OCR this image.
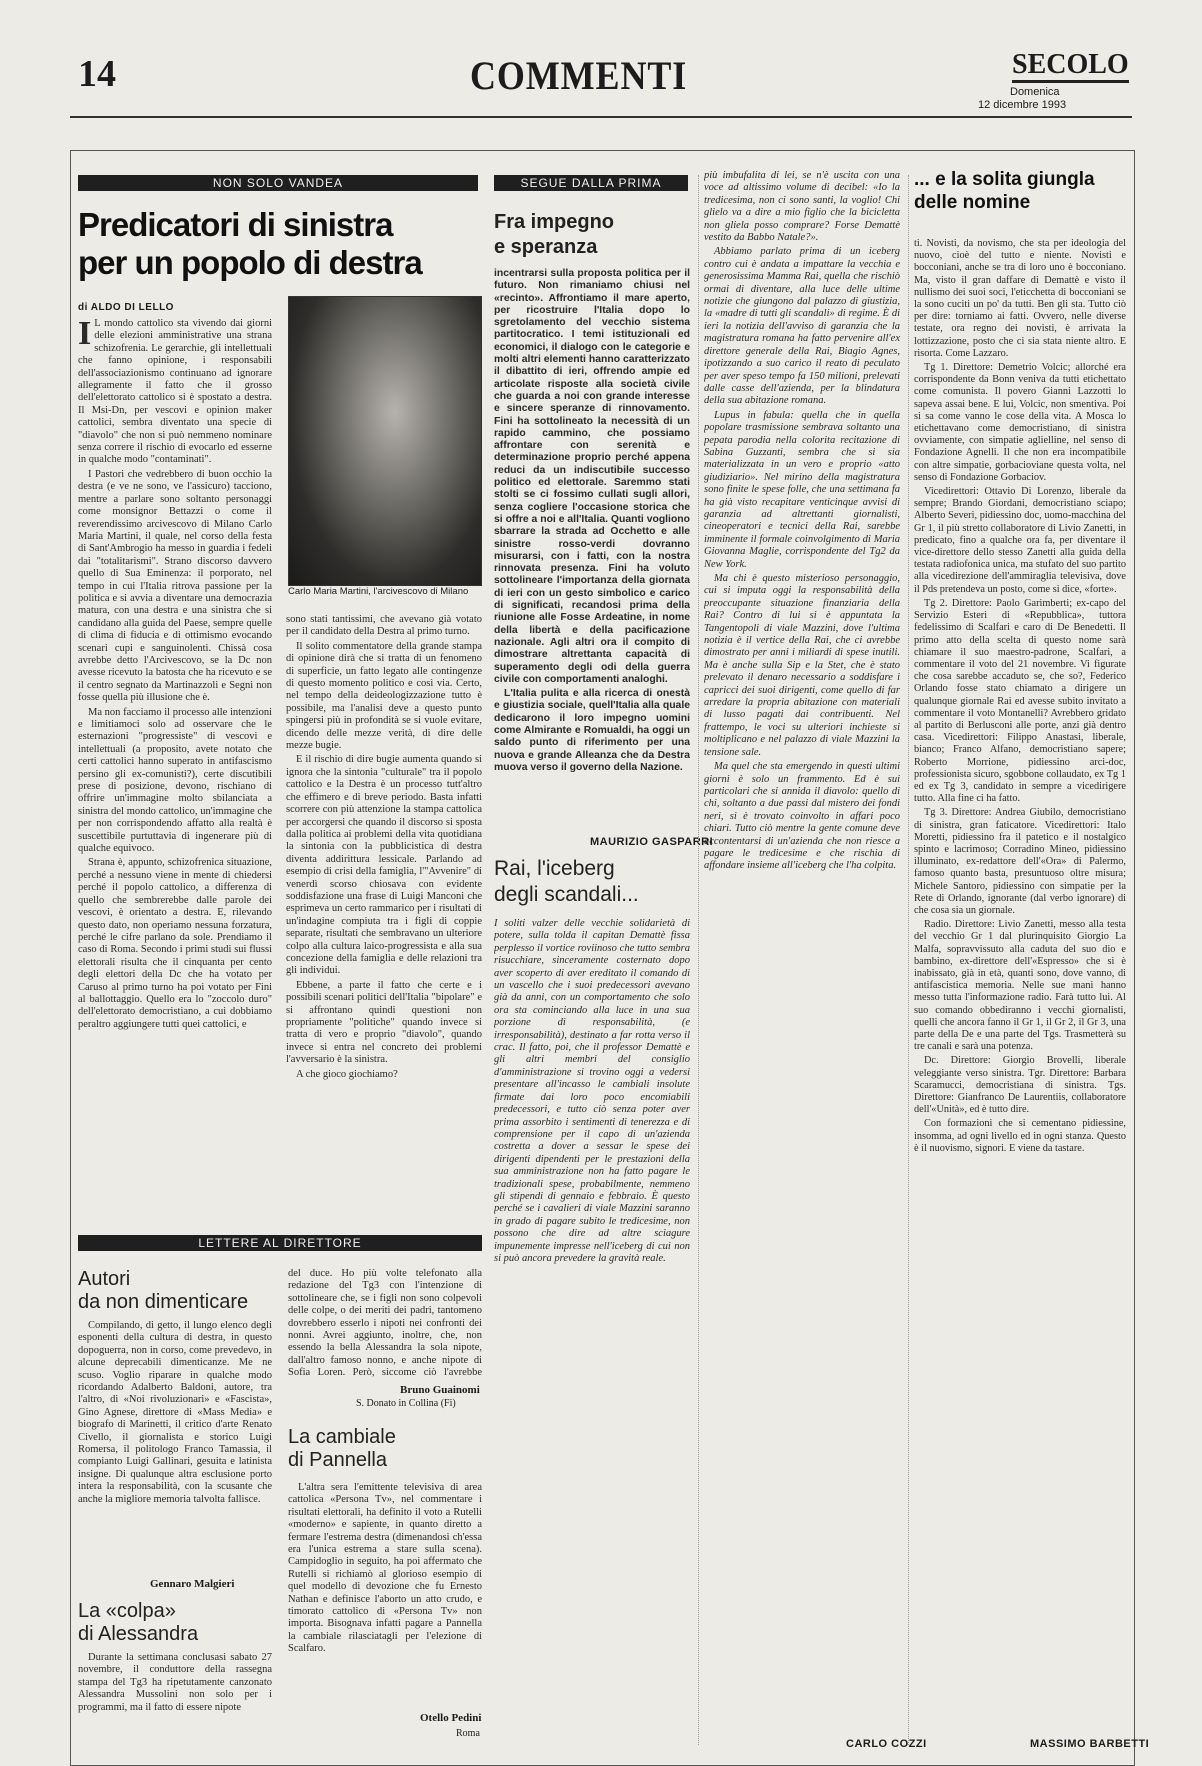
14	COMMENTI	SECOLO
Domenica
12 dicembre 1993
NON SOLO VANDEA
Predicatori di sinistra
per un popolo di destra
di ALDO DI LELLO

I L mondo cattolico sta vivendo dai giorni delle elezioni amministrative una strana schizofrenia. Le gerarchie, gli intellettuali che fanno opinione, i responsabili dell'associazionismo continuano ad ignorare allegramente il fatto che il grosso dell'elettorato cattolico si è spostato a destra. Il Msi-Dn, per vescovi e opinion maker cattolici, sembra diventato una specie di "diavolo" che non si può nemmeno nominare senza correre il rischio di evocarlo ed esserne in qualche modo "contaminati".

I Pastori che vedrebbero di buon occhio la destra (e ve ne sono, ve l'assicuro) tacciono, mentre a parlare sono soltanto personaggi come monsignor Bettazzi o come il reverendissimo arcivescovo di Milano Carlo Maria Martini, il quale, nel corso della festa di Sant'Ambrogio ha messo in guardia i fedeli dai "totalitarismi". Strano discorso davvero quello di Sua Eminenza: il porporato, nel tempo in cui l'Italia ritrova passione per la politica e si avvia a diventare una democrazia matura, con una destra e una sinistra che si candidano alla guida del Paese, sempre quelle di clima di fiducia e di ottimismo evocando scenari cupi e sanguinolenti. Chissà cosa avrebbe detto l'Arcivescovo, se la Dc non avesse ricevuto la batosta che ha ricevuto e se il centro segnato da Martinazzoli e Segni non fosse quella più illusione che è.

Ma non facciamo il processo alle intenzioni e limitiamoci solo ad osservare che le esternazioni "progressiste" di vescovi e intellettuali (a proposito, avete notato che certi cattolici hanno superato in antifascismo persino gli ex-comunisti?), certe discutibili prese di posizione, devono, rischiano di offrire un'immagine molto sbilanciata a sinistra del mondo cattolico, un'immagine che per non corrispondendo affatto alla realtà è suscettibile purtuttavia di ingenerare più di qualche equivoco.

Strana è, appunto, schizofrenica situazione, perché a nessuno viene in mente di chiedersi perché il popolo cattolico, a differenza di quello che sembrerebbe dalle parole dei vescovi, è orientato a destra. E, rilevando questo dato, non operiamo nessuna forzatura, perché le cifre parlano da sole. Prendiamo il caso di Roma. Secondo i primi studi sui flussi elettorali risulta che il cinquanta per cento degli elettori della Dc che ha votato per Caruso al primo turno ha poi votato per Fini al ballottaggio. Quello era lo "zoccolo duro" dell'elettorato democristiano, a cui dobbiamo peraltro aggiungere tutti quei cattolici, e

Carlo Maria Martini, l'arcivescovo di Milano

sono stati tantissimi, che avevano già votato per il candidato della Destra al primo turno.

Il solito commentatore della grande stampa di opinione dirà che si tratta di un fenomeno di superficie, un fatto legato alle contingenze di questo momento politico e così via. Certo, nel tempo della deideologizzazione tutto è possibile, ma l'analisi deve a questo punto spingersi più in profondità se si vuole evitare, dicendo delle mezze verità, di dire delle mezze bugie.

E il rischio di dire bugie aumenta quando si ignora che la sintonia "culturale" tra il popolo cattolico e la Destra è un processo tutt'altro che effimero e di breve periodo. Basta infatti scorrere con più attenzione la stampa cattolica per accorgersi che quando il discorso si sposta dalla politica ai problemi della vita quotidiana la sintonia con la pubblicistica di destra diventa addirittura lessicale. Parlando ad esempio di crisi della famiglia, l'"Avvenire" di venerdì scorso chiosava con evidente soddisfazione una frase di Luigi Manconi che esprimeva un certo rammarico per i risultati di un'indagine compiuta tra i figli di coppie separate, risultati che sembravano un ulteriore colpo alla cultura laico-progressista e alla sua concezione della famiglia e delle relazioni tra gli individui.

Ebbene, a parte il fatto che certe e i possibili scenari politici dell'Italia "bipolare" e si affrontano quindi questioni non propriamente "politiche" quando invece si tratta di vero e proprio "diavolo", quando invece si entra nel concreto dei problemi l'avversario è la sinistra.

A che gioco giochiamo?

LETTERE AL DIRETTORE
Autori
da non dimenticare

Compilando, di getto, il lungo elenco degli esponenti della cultura di destra, in questo dopoguerra, non in corso, come prevedevo, in alcune deprecabili dimenticanze. Me ne scuso. Voglio riparare in qualche modo ricordando Adalberto Baldoni, autore, tra l'altro, di «Noi rivoluzionari» e «Fascista», Gino Agnese, direttore di «Mass Media» e biografo di Marinetti, il critico d'arte Renato Civello, il giornalista e storico Luigi Romersa, il politologo Franco Tamassia, il compianto Luigi Gallinari, gesuita e latinista insigne. Di qualunque altra esclusione porto intera la responsabilità, con la scusante che anche la migliore memoria talvolta fallisce.

Gennaro Malgieri
La «colpa»
di Alessandra

Durante la settimana conclusasi sabato 27 novembre, il conduttore della rassegna stampa del Tg3 ha ripetutamente canzonato Alessandra Mussolini non solo per i programmi, ma il fatto di essere nipote

del duce. Ho più volte telefonato alla redazione del Tg3 con l'intenzione di sottolineare che, se i figli non sono colpevoli delle colpe, o dei meriti dei padri, tantomeno dovrebbero esserlo i nipoti nei confronti dei nonni. Avrei aggiunto, inoltre, che, non essendo la bella Alessandra la sola nipote, dall'altro famoso nonno, e anche nipote di Sofia Loren. Però, siccome ciò l'avrebbe

Bruno Guainomi
S. Donato in Collina (Fi)
La cambiale
di Pannella

L'altra sera l'emittente televisiva di area cattolica «Persona Tv», nel commentare i risultati elettorali, ha definito il voto a Rutelli «moderno» e sapiente, in quanto diretto a fermare l'estrema destra (dimenandosi ch'essa era l'unica estrema a stare sulla scena). Campidoglio in seguito, ha poi affermato che Rutelli si richiamò al glorioso esempio di quel modello di devozione che fu Ernesto Nathan e definisce l'aborto un atto crudo, e timorato cattolico di «Persona Tv» non importa. Bisognava infatti pagare a Pannella la cambiale rilasciatagli per l'elezione di Scalfaro.

Otello Pedini
Roma
SEGUE DALLA PRIMA
Fra impegno
e speranza

incentrarsi sulla proposta politica per il futuro. Non rimaniamo chiusi nel «recinto». Affrontiamo il mare aperto, per ricostruire l'Italia dopo lo sgretolamento del vecchio sistema partitocratico. I temi istituzionali ed economici, il dialogo con le categorie e molti altri elementi hanno caratterizzato il dibattito di ieri, offrendo ampie ed articolate risposte alla società civile che guarda a noi con grande interesse e sincere speranze di rinnovamento. Fini ha sottolineato la necessità di un rapido cammino, che possiamo affrontare con serenità e determinazione proprio perché appena reduci da un indiscutibile successo politico ed elettorale. Saremmo stati stolti se ci fossimo cullati sugli allori, senza cogliere l'occasione storica che si offre a noi e all'Italia. Quanti vogliono sbarrare la strada ad Occhetto e alle sinistre rosso-verdi dovranno misurarsi, con i fatti, con la nostra rinnovata presenza. Fini ha voluto sottolineare l'importanza della giornata di ieri con un gesto simbolico e carico di significati, recandosi prima della riunione alle Fosse Ardeatine, in nome della libertà e della pacificazione nazionale. Agli altri ora il compito di dimostrare altrettanta capacità di superamento degli odi della guerra civile con comportamenti analoghi.

L'Italia pulita e alla ricerca di onestà e giustizia sociale, quell'Italia alla quale dedicarono il loro impegno uomini come Almirante e Romualdi, ha oggi un saldo punto di riferimento per una nuova e grande Alleanza che da Destra muova verso il governo della Nazione.

MAURIZIO GASPARRI
Rai, l'iceberg
degli scandali...

I soliti valzer delle vecchie solidarietà di potere, sulla tolda il capitan Demattè fissa perplesso il vortice roviinoso che tutto sembra risucchiare, sinceramente costernato dopo aver scoperto di aver ereditato il comando di un vascello che i suoi predecessori avevano già da anni, con un comportamento che solo ora sta cominciando alla luce in una sua porzione di responsabilità, (e irresponsabilità), destinato a far rotta verso il crac. Il fatto, poi, che il professor Demattè e gli altri membri del consiglio d'amministrazione si trovino oggi a vedersi presentare all'incasso le cambiali insolute firmate dai loro poco encomiabili predecessori, e tutto ciò senza poter aver prima assorbito i sentimenti di tenerezza e di comprensione per il capo di un'azienda costretta a dover a sessar le spese dei dirigenti dipendenti per le prestazioni della sua amministrazione non ha fatto pagare le tradizionali spese, probabilmente, nemmeno gli stipendi di gennaio e febbraio. È questo perché se i cavalieri di viale Mazzini saranno in grado di pagare subito le tredicesime, non possono che dire ad altre sciagure impunemente impresse nell'iceberg di cui non si può ancora prevedere la gravità reale.

più imbufalita di lei, se n'è uscita con una voce ad altissimo volume di decibel: «Io la tredicesima, non ci sono santi, la voglio! Chi glielo va a dire a mio figlio che la bicicletta non gliela posso comprare? Forse Demattè vestito da Babbo Natale?».

Abbiamo parlato prima di un iceberg contro cui è andata a impattare la vecchia e generosissima Mamma Rai, quella che rischiò ormai di diventare, alla luce delle ultime notizie che giungono dal palazzo di giustizia, la «madre di tutti gli scandali» di regime. È di ieri la notizia dell'avviso di garanzia che la magistratura romana ha fatto pervenire all'ex direttore generale della Rai, Biagio Agnes, ipotizzando a suo carico il reato di peculato per aver speso tempo fa 150 milioni, prelevati dalle casse dell'azienda, per la blindatura della sua abitazione romana.

Lupus in fabula: quella che in quella popolare trasmissione sembrava soltanto una pepata parodia nella colorita recitazione di Sabina Guzzanti, sembra che si sia materializzata in un vero e proprio «atto giudiziario». Nel mirino della magistratura sono finite le spese folle, che una settimana fa ha già visto recapitare venticinque avvisi di garanzia ad altrettanti giornalisti, cineoperatori e tecnici della Rai, sarebbe imminente il formale coinvolgimento di Maria Giovanna Maglie, corrispondente del Tg2 da New York.

Ma chi è questo misterioso personaggio, cui si imputa oggi la responsabilità della preoccupante situazione finanziaria della Rai? Contro di lui si è appuntata la Tangentopoli di viale Mazzini, dove l'ultima notizia è il vertice della Rai, che ci avrebbe dimostrato per anni i miliardi di spese inutili. Ma è anche sulla Sip e la Stet, che è stato prelevato il denaro necessario a soddisfare i capricci dei suoi dirigenti, come quello di far arredare la propria abitazione con materiali di lusso pagati dai contribuenti. Nel frattempo, le voci su ulteriori inchieste si moltiplicano e nel palazzo di viale Mazzini la tensione sale.

Ma quel che sta emergendo in questi ultimi giorni è solo un frammento. Ed è sui particolari che si annida il diavolo: quello di chi, soltanto a due passi dal mistero dei fondi neri, si è trovato coinvolto in affari poco chiari. Tutto ciò mentre la gente comune deve accontentarsi di un'azienda che non riesce a pagare le tredicesime e che rischia di affondare insieme all'iceberg che l'ha colpita.

CARLO COZZI
... e la solita giungla
delle nomine

ti. Novisti, da novismo, che sta per ideologia del nuovo, cioè del tutto e niente. Novisti e bocconiani, anche se tra di loro uno è bocconiano. Ma, visto il gran daffare di Demattè e visto il nullismo dei suoi soci, l'eticchetta di bocconiani se la sono cuciti un po' da tutti. Ben gli sta. Tutto ciò per dire: torniamo ai fatti. Ovvero, nelle diverse testate, ora regno dei novisti, è arrivata la lottizzazione, posto che ci sia stata niente altro. E risorta. Come Lazzaro.

Tg 1. Direttore: Demetrio Volcic; allorché era corrispondente da Bonn veniva da tutti etichettato come comunista. Il povero Gianni Lazzotti lo sapeva assai bene. E lui, Volcic, non smentiva. Poi si sa come vanno le cose della vita. A Mosca lo etichettavano come democristiano, di sinistra ovviamente, con simpatie aglielline, nel senso di Fondazione Agnelli. Il che non era incompatibile con altre simpatie, gorbacioviane questa volta, nel senso di Fondazione Gorbaciov.

Vicedirettori: Ottavio Di Lorenzo, liberale da sempre; Brando Giordani, democristiano sciapo; Alberto Severi, pidiessino doc, uomo-macchina del Gr 1, il più stretto collaboratore di Livio Zanetti, in predicato, fino a qualche ora fa, per diventare il vice-direttore dello stesso Zanetti alla guida della testata radiofonica unica, ma stufato del suo partito alla vicedirezione dell'ammiraglia televisiva, dove il Pds pretendeva un posto, come si dice, «forte».

Tg 2. Direttore: Paolo Garimberti; ex-capo del Servizio Esteri di «Repubblica», tuttora fedelissimo di Scalfari e caro di De Benedetti. Il primo atto della scelta di questo nome sarà chiamare il suo maestro-padrone, Scalfari, a commentare il voto del 21 novembre. Vi figurate che cosa sarebbe accaduto se, che so?, Federico Orlando fosse stato chiamato a dirigere un qualunque giornale Rai ed avesse subito invitato a commentare il voto Montanelli? Avrebbero gridato al partito di Berlusconi alle porte, anzi già dentro casa. Vicedirettori: Filippo Anastasi, liberale, bianco; Franco Alfano, democristiano sapere; Roberto Morrione, pidiessino arci-doc, professionista sicuro, sgobbone collaudato, ex Tg 1 ed ex Tg 3, candidato in sempre a vicedirigere tutto. Alla fine ci ha fatto.

Tg 3. Direttore: Andrea Giubilo, democristiano di sinistra, gran faticatore. Vicedirettori: Italo Moretti, pidiessino fra il patetico e il nostalgico spinto e lacrimoso; Corradino Mineo, pidiessino illuminato, ex-redattore dell'«Ora» di Palermo, famoso quanto basta, presuntuoso oltre misura; Michele Santoro, pidiessino con simpatie per la Rete di Orlando, ignorante (dal verbo ignorare) di che cosa sia un giornale.

Radio. Direttore: Livio Zanetti, messo alla testa del vecchio Gr 1 dal plurinquisito Giorgio La Malfa, sopravvissuto alla caduta del suo dio e bambino, ex-direttore dell'«Espresso» che si è inabissato, già in età, quanti sono, dove vanno, di antifascistica memoria. Nelle sue mani hanno messo tutta l'informazione radio. Farà tutto lui. Al suo comando obbediranno i vecchi giornalisti, quelli che ancora fanno il Gr 1, il Gr 2, il Gr 3, una parte della De e una parte del Tgs. Trasmetterà su tre canali e sarà una potenza.

Dc. Direttore: Giorgio Brovelli, liberale veleggiante verso sinistra. Tgr. Direttore: Barbara Scaramucci, democristiana di sinistra. Tgs. Direttore: Gianfranco De Laurentiis, collaboratore dell'«Unità», ed è tutto dire.

Con formazioni che si cementano pidiessine, insomma, ad ogni livello ed in ogni stanza. Questo è il nuovismo, signori. E viene da tastare.

MASSIMO BARBETTI
